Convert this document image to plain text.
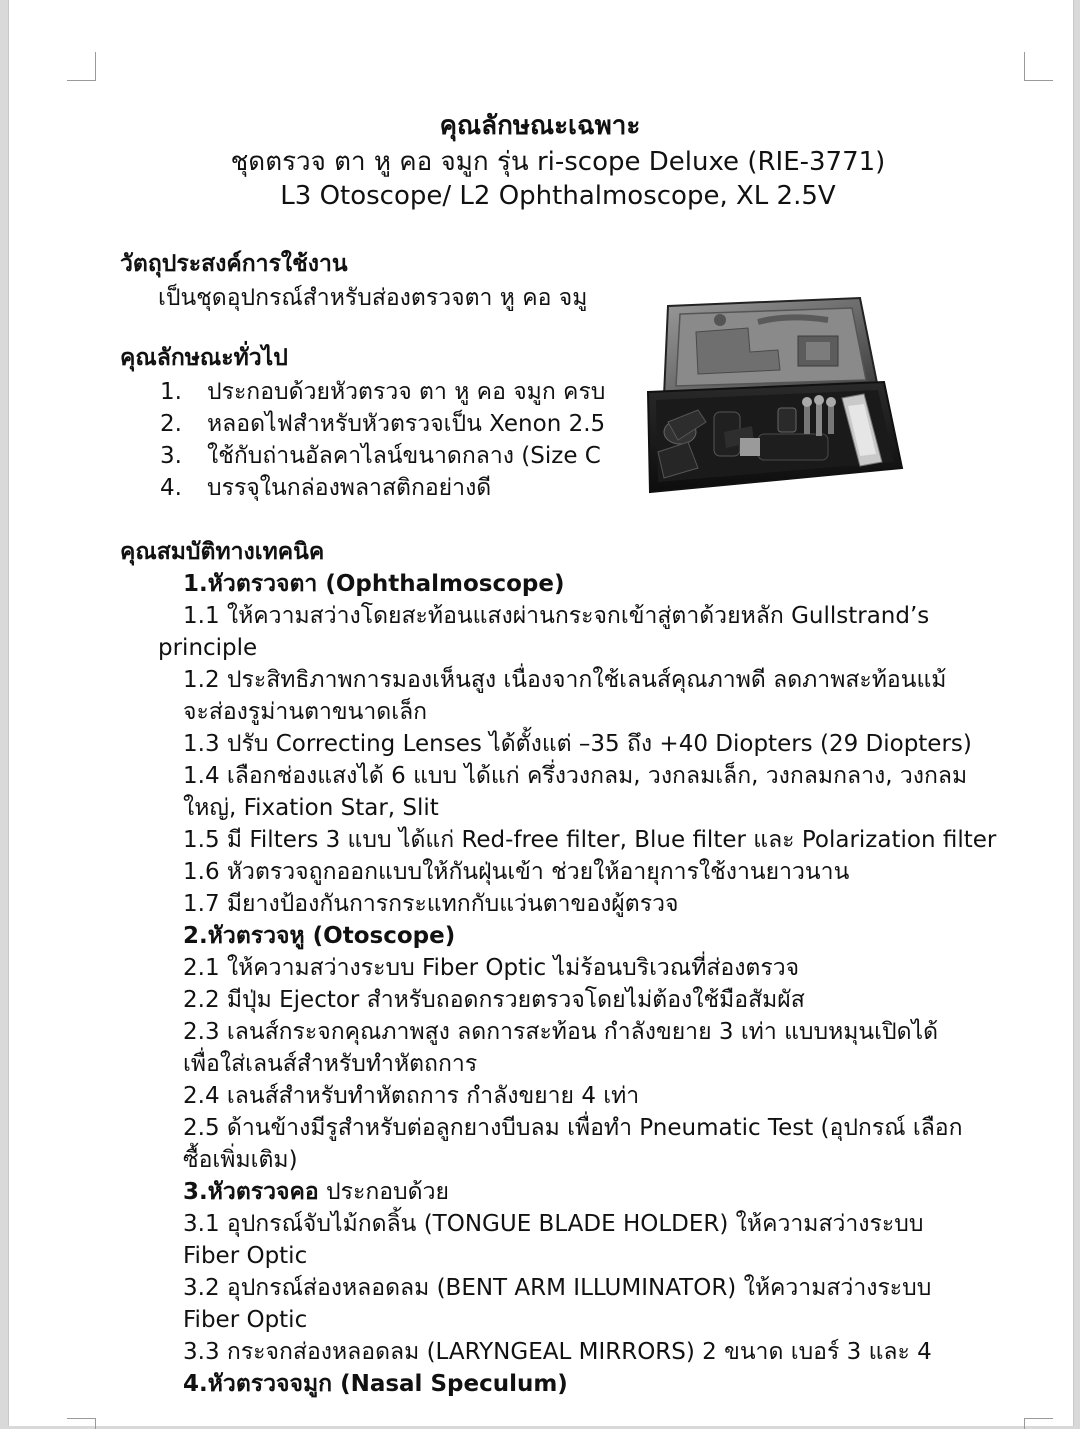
คุณลักษณะเฉพาะ
ชุดตรวจ ตา หู คอ จมูก รุ่น ri-scope Deluxe (RIE-3771)
L3 Otoscope/ L2 Ophthalmoscope, XL 2.5V
วัตถุประสงค์การใช้งาน
เป็นชุดอุปกรณ์สำหรับส่องตรวจตา หู คอ จมู
คุณลักษณะทั่วไป
1. ประกอบด้วยหัวตรวจ ตา หู คอ จมูก ครบ
2. หลอดไฟสำหรับหัวตรวจเป็น Xenon 2.5
3. ใช้กับถ่านอัลคาไลน์ขนาดกลาง (Size C
4. บรรจุในกล่องพลาสติกอย่างดี
คุณสมบัติทางเทคนิค
1.หัวตรวจตา (Ophthalmoscope)
1.1 ให้ความสว่างโดยสะท้อนแสงผ่านกระจกเข้าสู่ตาด้วยหลัก Gullstrand’s
principle
1.2 ประสิทธิภาพการมองเห็นสูง เนื่องจากใช้เลนส์คุณภาพดี ลดภาพสะท้อนแม้
จะส่องรูม่านตาขนาดเล็ก
1.3 ปรับ Correcting Lenses ได้ตั้งแต่ –35 ถึง +40 Diopters (29 Diopters)
1.4 เลือกช่องแสงได้ 6 แบบ ได้แก่ ครึ่งวงกลม, วงกลมเล็ก, วงกลมกลาง, วงกลม
ใหญ่, Fixation Star, Slit
1.5 มี Filters 3 แบบ ได้แก่ Red-free filter, Blue filter และ Polarization filter
1.6 หัวตรวจถูกออกแบบให้กันฝุ่นเข้า ช่วยให้อายุการใช้งานยาวนาน
1.7 มียางป้องกันการกระแทกกับแว่นตาของผู้ตรวจ
2.หัวตรวจหู (Otoscope)
2.1 ให้ความสว่างระบบ Fiber Optic ไม่ร้อนบริเวณที่ส่องตรวจ
2.2 มีปุ่ม Ejector สำหรับถอดกรวยตรวจโดยไม่ต้องใช้มือสัมผัส
2.3 เลนส์กระจกคุณภาพสูง ลดการสะท้อน กำลังขยาย 3 เท่า แบบหมุนเปิดได้
เพื่อใส่เลนส์สำหรับทำหัตถการ
2.4 เลนส์สำหรับทำหัตถการ กำลังขยาย 4 เท่า
2.5 ด้านข้างมีรูสำหรับต่อลูกยางบีบลม เพื่อทำ Pneumatic Test (อุปกรณ์ เลือก
ซื้อเพิ่มเติม)
3.หัวตรวจคอ ประกอบด้วย
3.1 อุปกรณ์จับไม้กดลิ้น (TONGUE BLADE HOLDER) ให้ความสว่างระบบ
Fiber Optic
3.2 อุปกรณ์ส่องหลอดลม (BENT ARM ILLUMINATOR) ให้ความสว่างระบบ
Fiber Optic
3.3 กระจกส่องหลอดลม (LARYNGEAL MIRRORS) 2 ขนาด เบอร์ 3 และ 4
4.หัวตรวจจมูก (Nasal Speculum)
